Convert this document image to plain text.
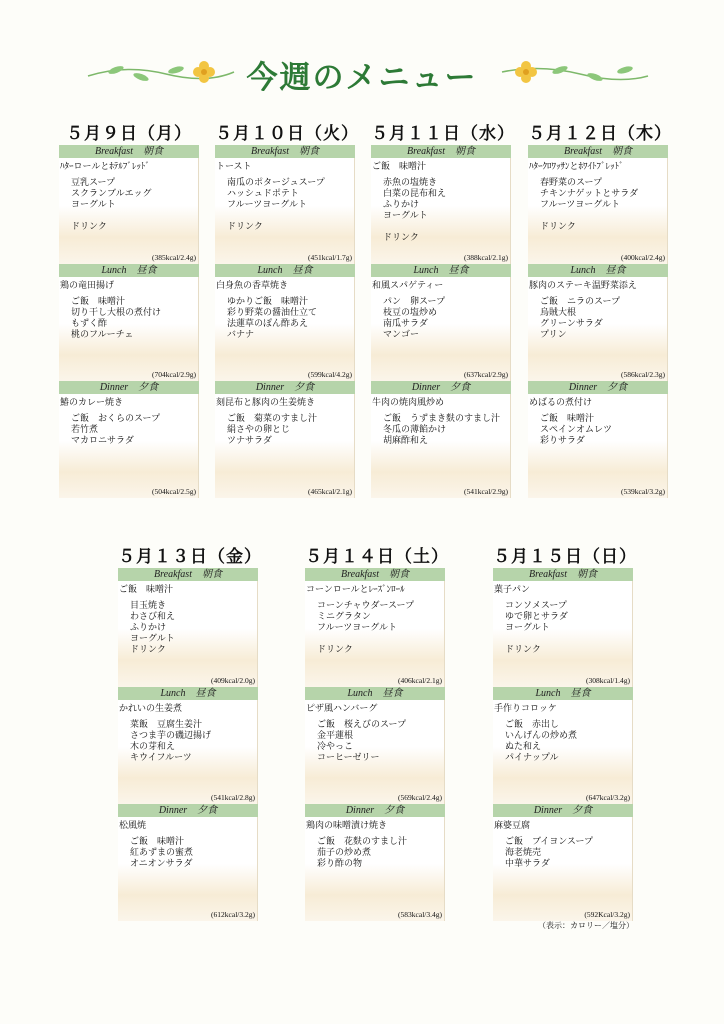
今週のメニュー
５月９日（月）
Breakfast　朝食
ﾊﾀｰロールとﾎﾃﾙﾌﾞﾚｯﾄﾞ
豆乳スープ
スクランブルエッグ
ヨーグルト
ドリンク
(385kcal/2.4g)
Lunch　昼食
鶏の竜田揚げ
ご飯　味噌汁
切り干し大根の煮付け
もずく酢
桃のフルーチェ
(704kcal/2.9g)
Dinner　夕食
鰆のカレー焼き
ご飯　おくらのスープ
若竹煮
マカロニサラダ
(504kcal/2.5g)
５月１０日（火）
Breakfast　朝食
トースト
南瓜のポタージュスープ
ハッシュドポテト
フルーツヨーグルト
ドリンク
(451kcal/1.7g)
Lunch　昼食
白身魚の香草焼き
ゆかりご飯　味噌汁
彩り野菜の醤油仕立て
法蓮草のぽん酢あえ
バナナ
(599kcal/4.2g)
Dinner　夕食
刻昆布と豚肉の生姜焼き
ご飯　菊菜のすまし汁
絹さやの卵とじ
ツナサラダ
(465kcal/2.1g)
５月１１日（水）
Breakfast　朝食
ご飯　味噌汁
赤魚の塩焼き
白菜の昆布和え
ふりかけ
ヨーグルト
ドリンク
(388kcal/2.1g)
Lunch　昼食
和風スパゲティー
パン　卵スープ
枝豆の塩炒め
南瓜サラダ
マンゴー
(637kcal/2.9g)
Dinner　夕食
牛肉の焼肉風炒め
ご飯　うずまき麩のすまし汁
冬瓜の薄餡かけ
胡麻酢和え
(541kcal/2.9g)
５月１２日（木）
Breakfast　朝食
ﾊﾀｰｸﾛﾜｯｻﾝとﾎﾜｲﾄﾌﾞﾚｯﾄﾞ
春野菜のスープ
チキンナゲットとサラダ
フルーツヨーグルト
ドリンク
(400kcal/2.4g)
Lunch　昼食
豚肉のステーキ温野菜添え
ご飯　ニラのスープ
烏賊大根
グリーンサラダ
プリン
(586kcal/2.3g)
Dinner　夕食
めばるの煮付け
ご飯　味噌汁
スペインオムレツ
彩りサラダ
(539kcal/3.2g)
５月１３日（金）
Breakfast　朝食
ご飯　味噌汁
目玉焼き
わさび和え
ふりかけ
ヨーグルト
ドリンク
(409kcal/2.0g)
Lunch　昼食
かれいの生姜煮
菜飯　豆腐生姜汁
さつま芋の磯辺揚げ
木の芽和え
キウイフルーツ
(541kcal/2.8g)
Dinner　夕食
松風焼
ご飯　味噌汁
紅あずまの蜜煮
オニオンサラダ
(612kcal/3.2g)
５月１４日（土）
Breakfast　朝食
コーンロールとﾚｰｽﾞﾝﾛｰﾙ
コーンチャウダースープ
ミニグラタン
フルーツヨーグルト
ドリンク
(406kcal/2.1g)
Lunch　昼食
ピザ風ハンバーグ
ご飯　桜えびのスープ
金平蓮根
冷やっこ
コーヒーゼリー
(569kcal/2.4g)
Dinner　夕食
鶏肉の味噌漬け焼き
ご飯　花麩のすまし汁
茄子の炒め煮
彩り酢の物
(583kcal/3.4g)
５月１５日（日）
Breakfast　朝食
菓子パン
コンソメスープ
ゆで卵とサラダ
ヨーグルト
ドリンク
(308kcal/1.4g)
Lunch　昼食
手作りコロッケ
ご飯　赤出し
いんげんの炒め煮
ぬた和え
パイナップル
(647kcal/3.2g)
Dinner　夕食
麻婆豆腐
ご飯　ブイヨンスープ
海老焼売
中華サラダ
(592Kcal/3.2g)
（表示：カロリー／塩分）
